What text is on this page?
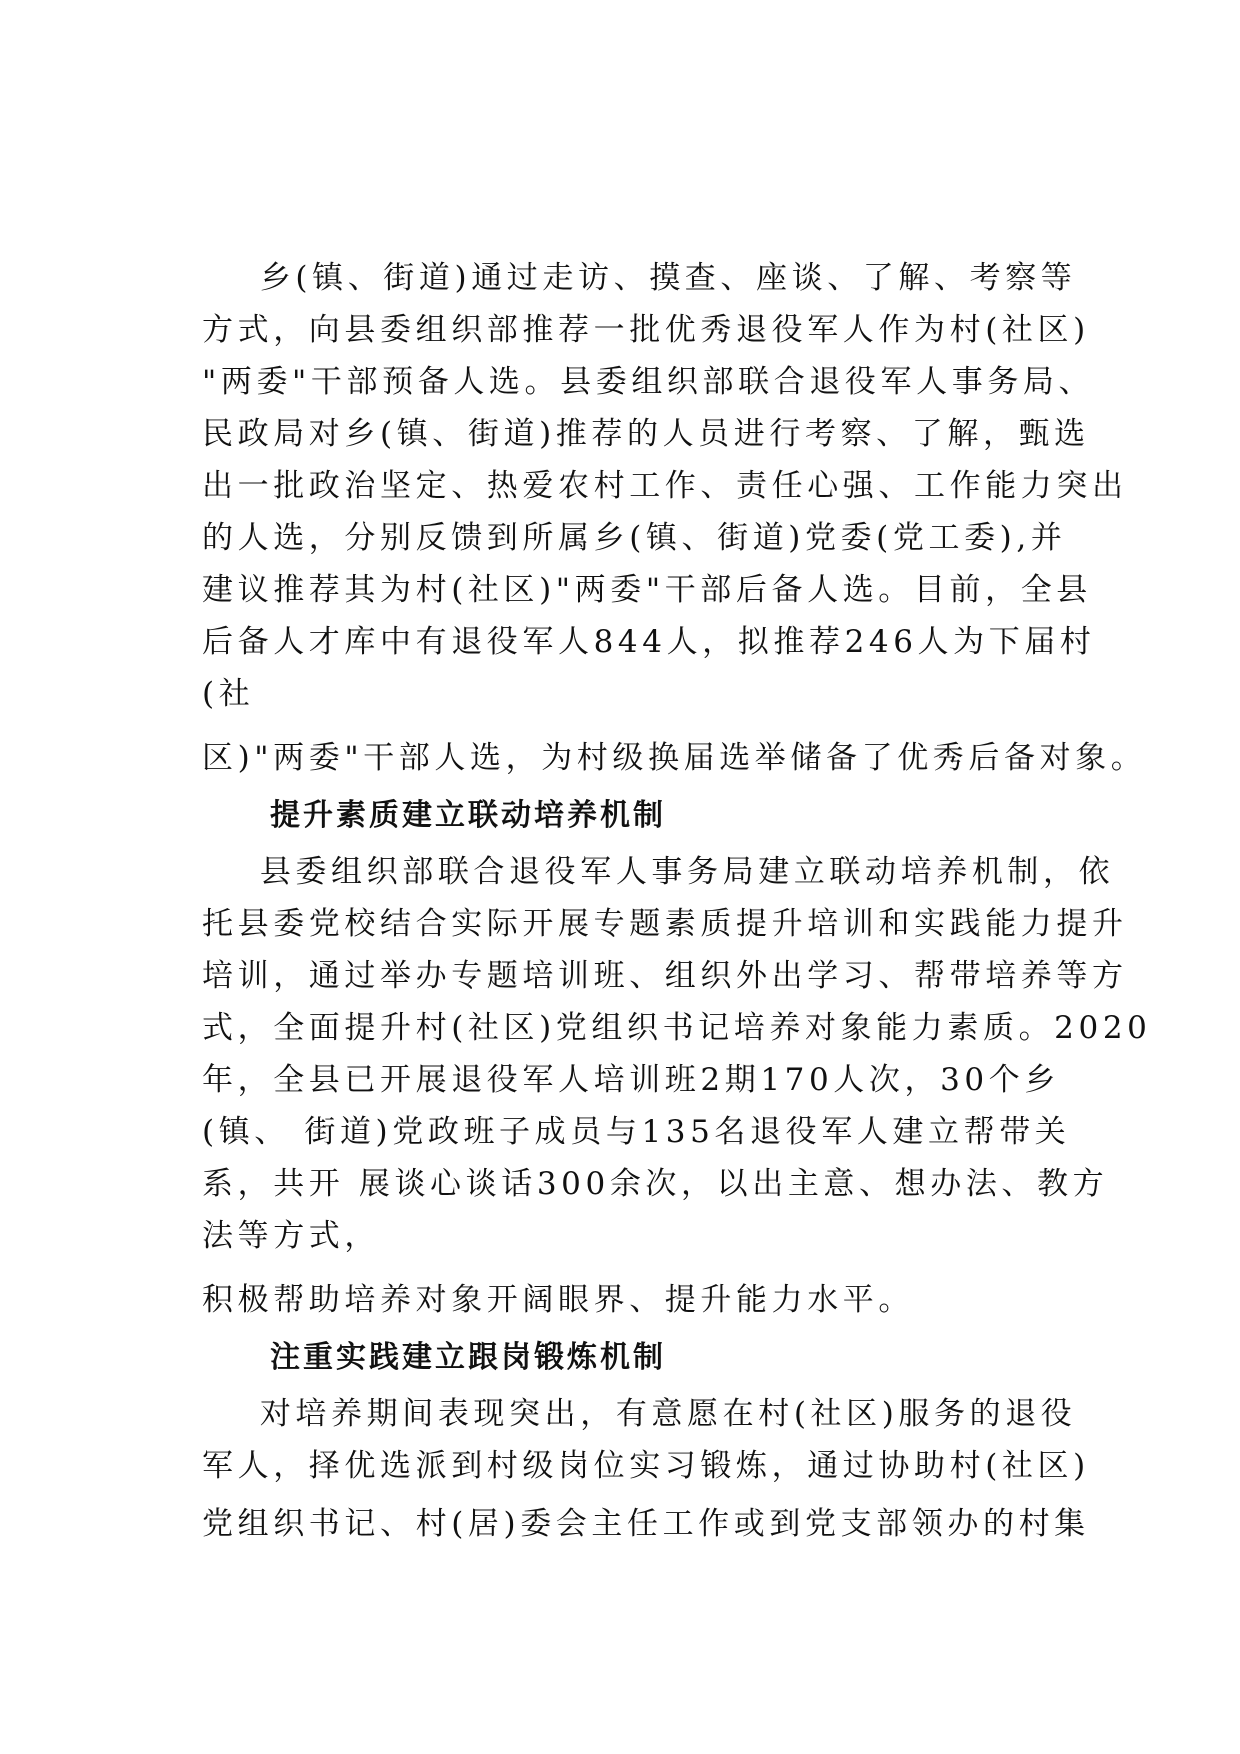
乡(镇、街道)通过走访、摸查、座谈、了解、考察等
方式，向县委组织部推荐一批优秀退役军人作为村(社区)
"两委"干部预备人选。县委组织部联合退役军人事务局、
民政局对乡(镇、街道)推荐的人员进行考察、了解，甄选
出一批政治坚定、热爱农村工作、责任心强、工作能力突出
的人选，分别反馈到所属乡(镇、街道)党委(党工委),并
建议推荐其为村(社区)"两委"干部后备人选。目前，全县
后备人才库中有退役军人844人，拟推荐246人为下届村
(社
区)"两委"干部人选，为村级换届选举储备了优秀后备对象。
提升素质建立联动培养机制
县委组织部联合退役军人事务局建立联动培养机制，依
托县委党校结合实际开展专题素质提升培训和实践能力提升
培训，通过举办专题培训班、组织外出学习、帮带培养等方
式，全面提升村(社区)党组织书记培养对象能力素质。2020
年，全县已开展退役军人培训班2期170人次，30个乡
(镇、 街道)党政班子成员与135名退役军人建立帮带关
系，共开 展谈心谈话300余次，以出主意、想办法、教方
法等方式，
积极帮助培养对象开阔眼界、提升能力水平。
注重实践建立跟岗锻炼机制
对培养期间表现突出，有意愿在村(社区)服务的退役
军人，择优选派到村级岗位实习锻炼，通过协助村(社区)
党组织书记、村(居)委会主任工作或到党支部领办的村集
